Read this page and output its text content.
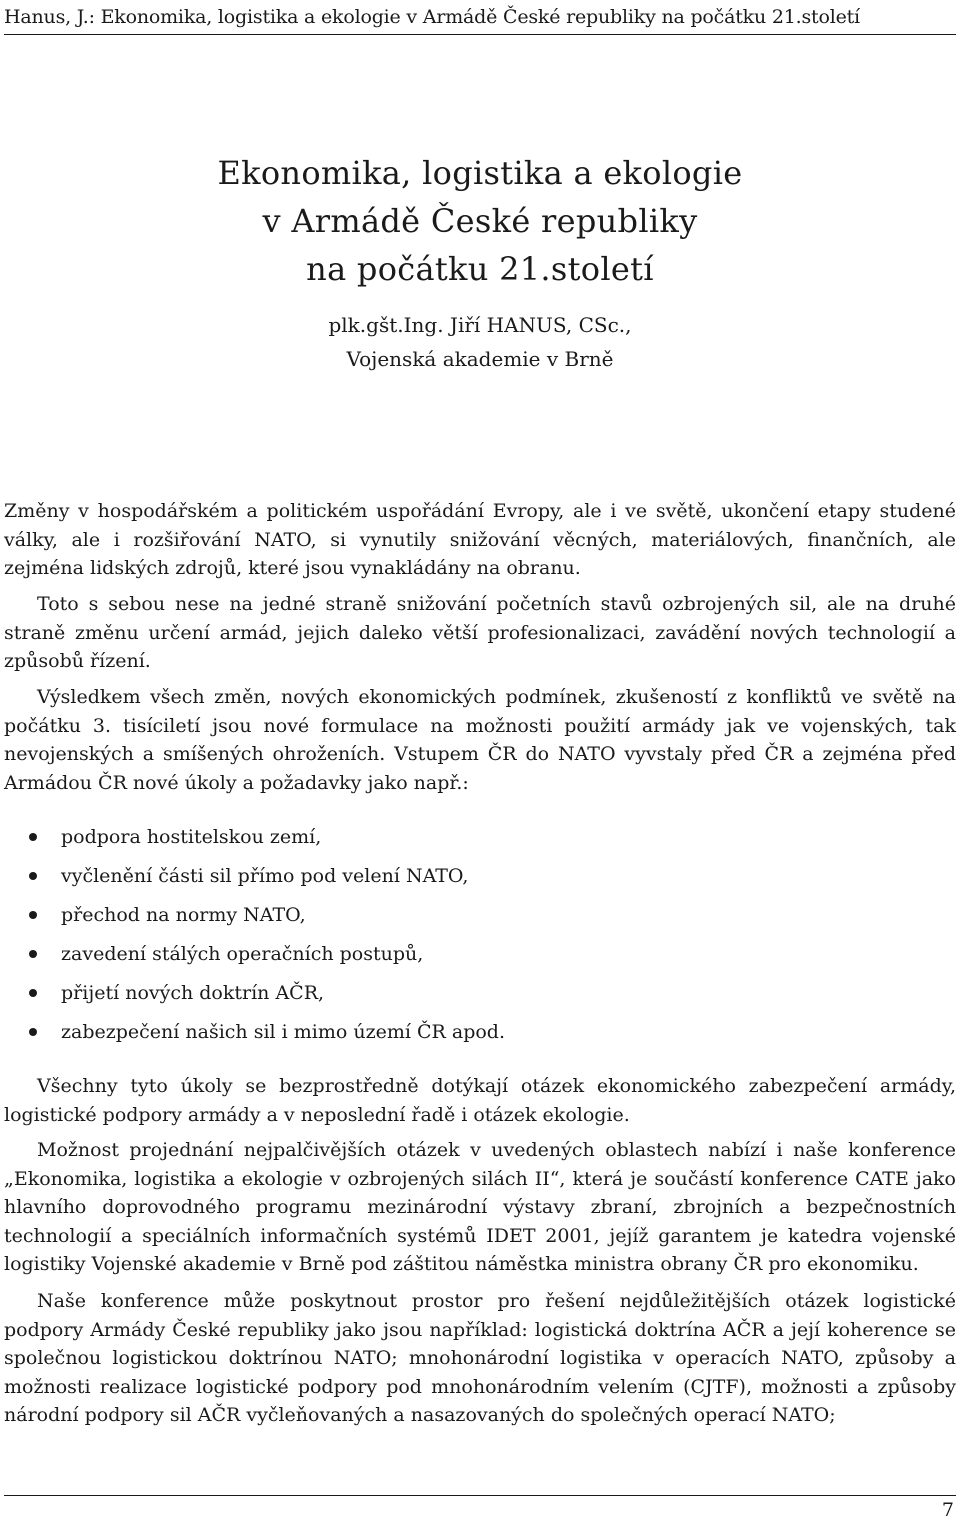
Hanus, J.: Ekonomika, logistika a ekologie v Armádě České republiky na počátku 21.století
Ekonomika, logistika a ekologie
v Armádě České republiky
na počátku 21.století
plk.gšt.Ing. Jiří HANUS, CSc.,
Vojenská akademie v Brně

Změny v hospodářském a politickém uspořádání Evropy, ale i ve světě, ukončení etapy studené války, ale i rozšiřování NATO, si vynutily snižování věcných, materiálových, finančních, ale zejména lidských zdrojů, které jsou vynakládány na obranu.

Toto s sebou nese na jedné straně snižování početních stavů ozbrojených sil, ale na druhé straně změnu určení armád, jejich daleko větší profesionalizaci, zavádění nových technologií a způsobů řízení.

Výsledkem všech změn, nových ekonomických podmínek, zkušeností z konfliktů ve světě na počátku 3. tisíciletí jsou nové formulace na možnosti použití armády jak ve vojenských, tak nevojenských a smíšených ohroženích. Vstupem ČR do NATO vyvstaly před ČR a zejména před Armádou ČR nové úkoly a požadavky jako např.:

podpora hostitelskou zemí,
vyčlenění části sil přímo pod velení NATO,
přechod na normy NATO,
zavedení stálých operačních postupů,
přijetí nových doktrín AČR,
zabezpečení našich sil i mimo území ČR apod.

Všechny tyto úkoly se bezprostředně dotýkají otázek ekonomického zabezpečení armády, logistické podpory armády a v neposlední řadě i otázek ekologie.

Možnost projednání nejpalčivějších otázek v uvedených oblastech nabízí i naše konference „Ekonomika, logistika a ekologie v ozbrojených silách II“, která je součástí konference CATE jako hlavního doprovodného programu mezinárodní výstavy zbraní, zbrojních a bezpečnostních technologií a speciálních informačních systémů IDET 2001, jejíž garantem je katedra vojenské logistiky Vojenské akademie v Brně pod záštitou náměstka ministra obrany ČR pro ekonomiku.

Naše konference může poskytnout prostor pro řešení nejdůležitějších otázek logistické podpory Armády České republiky jako jsou například: logistická doktrína AČR a její koherence se společnou logistickou doktrínou NATO; mnohonárodní logistika v operacích NATO, způsoby a možnosti realizace logistické podpory pod mnohonárodním velením (CJTF), možnosti a způsoby národní podpory sil AČR vyčleňovaných a nasazovaných do společných operací NATO;

7
